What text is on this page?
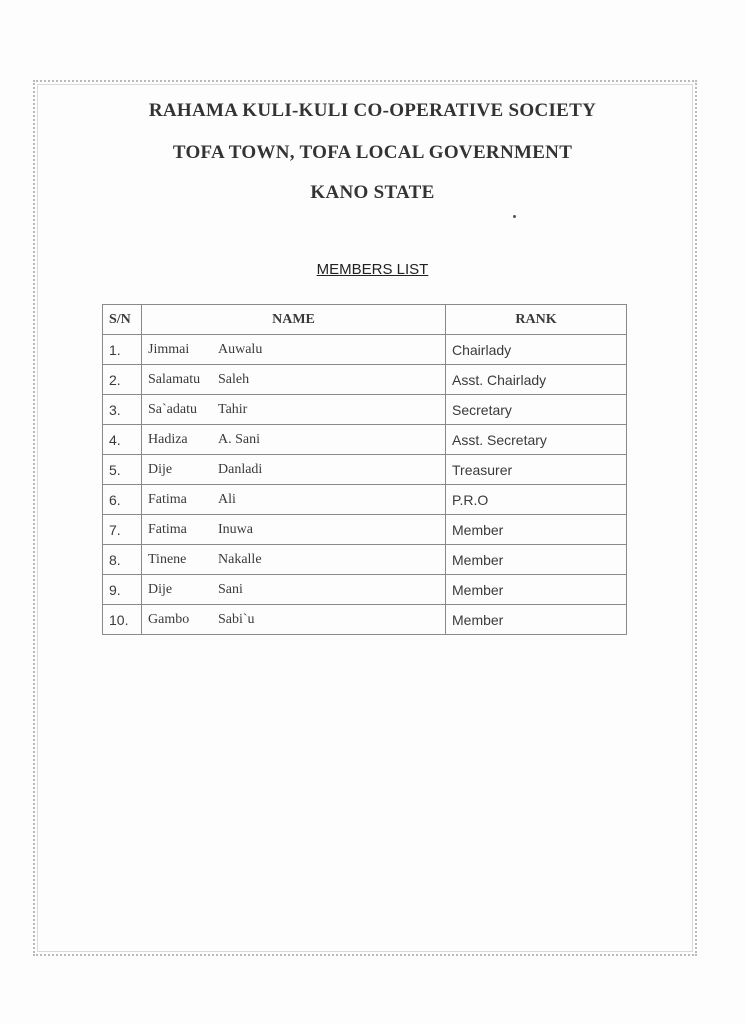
RAHAMA KULI-KULI CO-OPERATIVE SOCIETY
TOFA TOWN, TOFA LOCAL GOVERNMENT
KANO STATE
MEMBERS LIST
S/N	NAME	RANK
1.	Jimmai Auwalu	Chairlady
2.	Salamatu Saleh	Asst. Chairlady
3.	Sa`adatu Tahir	Secretary
4.	Hadiza A. Sani	Asst. Secretary
5.	Dije Danladi	Treasurer
6.	Fatima Ali	P.R.O
7.	Fatima Inuwa	Member
8.	Tinene Nakalle	Member
9.	Dije Sani	Member
10.	Gambo Sabi`u	Member
